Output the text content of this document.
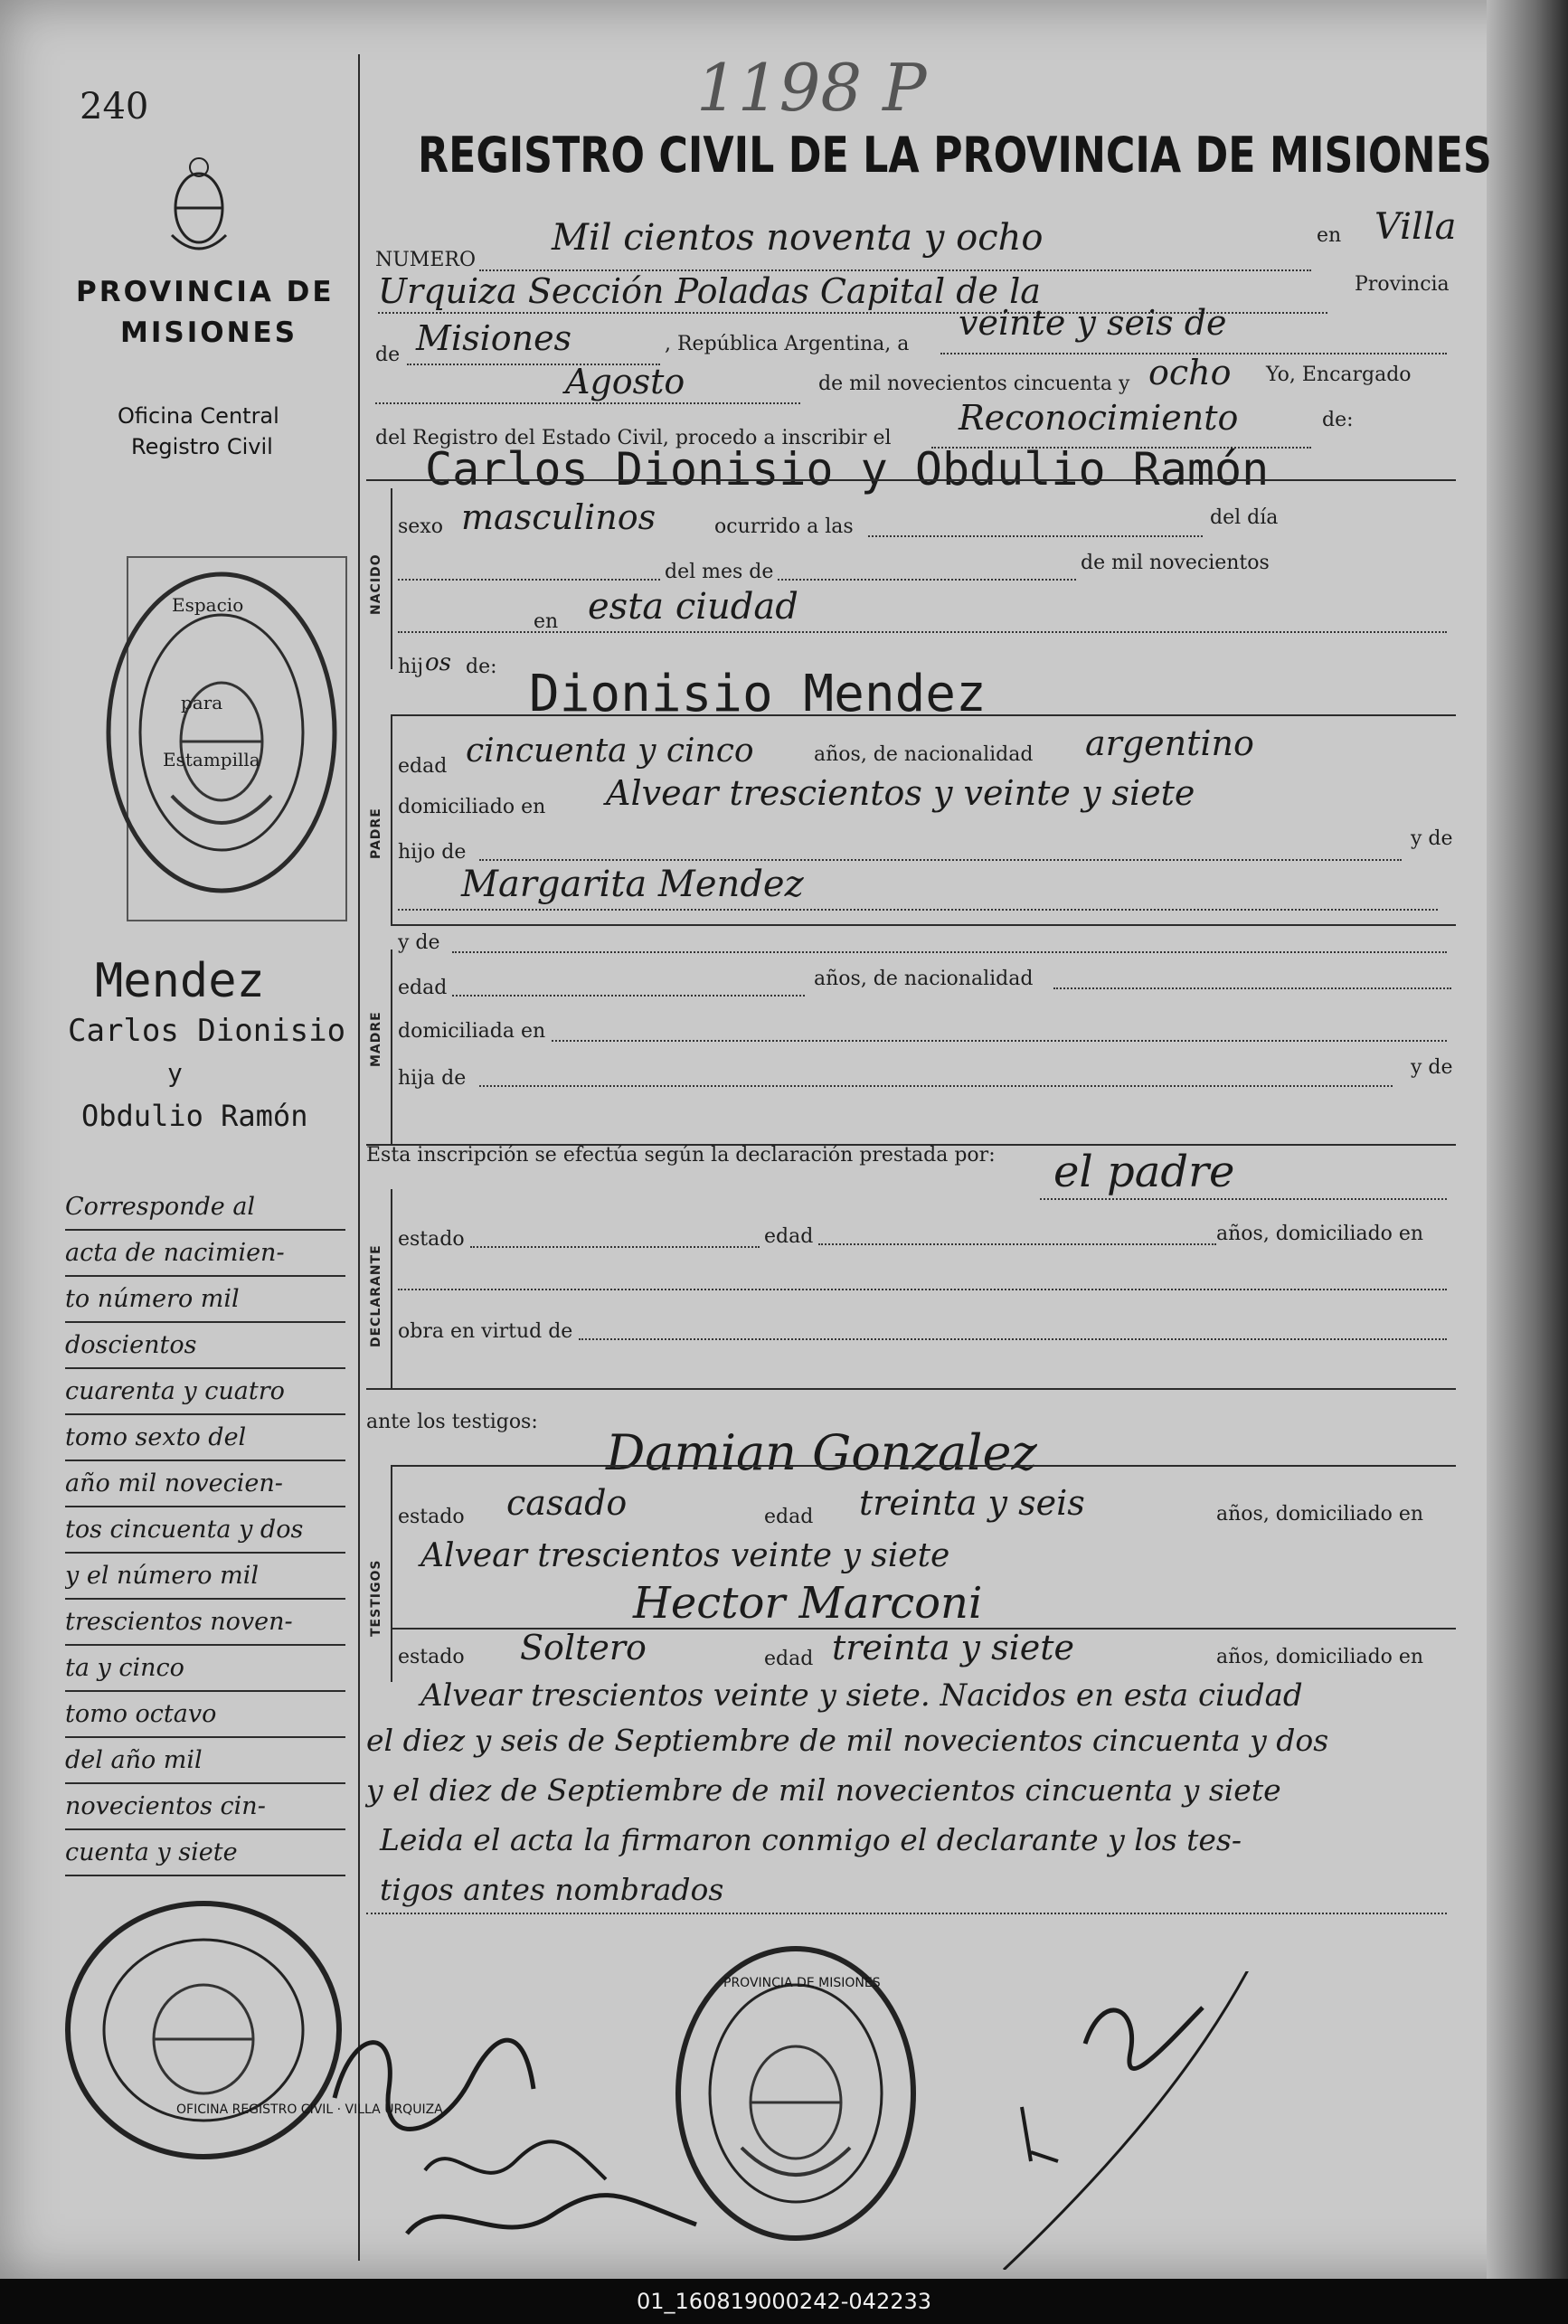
240	1198 P
PROVINCIA DE
MISIONES
Oficina Central
Registro Civil
Espacio
para
Estampilla
Mendez
Carlos Dionisio
y
Obdulio Ramón
Corresponde al
acta de nacimien-
to número mil
doscientos
cuarenta y cuatro
tomo sexto del
año mil novecien-
tos cincuenta y dos
y el número mil
trescientos noven-
ta y cinco
tomo octavo
del año mil
novecientos cin-
cuenta y siete
REGISTRO CIVIL DE LA PROVINCIA DE MISIONES
NUMERO
Mil cientos noventa y ocho	en Villa
Urquiza Sección Poladas Capital de la	Provincia
de Misiones	, República Argentina, a
veinte y seis de
Agosto	de mil novecientos cincuenta y ocho Yo, Encargado
del Registro del Estado Civil, procedo a inscribir el
Reconocimiento	de:
Carlos Dionisio y Obdulio Ramón
NACIDO
sexo masculinos	ocurrido a las	del día
del mes de	de mil novecientos
en esta ciudad
hij os de: Dionisio Mendez
PADRE
edad cincuenta y cinco	años, de nacionalidad argentino
domiciliado en Alvear trescientos y veinte y siete
hijo de
y de
Margarita Mendez
y de
MADRE
edad	años, de nacionalidad
domiciliada en
hija de	y de
Esta inscripción se efectúa según la declaración prestada por: el padre
DECLARANTE
estado	edad	años, domiciliado en
obra en virtud de
ante los testigos:
Damian Gonzalez
TESTIGOS
estado casado	edad treinta y seis	años, domiciliado en
Alvear trescientos veinte y siete
Hector Marconi
estado Soltero	edad treinta y siete	años, domiciliado en
Alvear trescientos veinte y siete. Nacidos en esta ciudad
el diez y seis de Septiembre de mil novecientos cincuenta y dos
y el diez de Septiembre de mil novecientos cincuenta y siete
Leida el acta la firmaron conmigo el declarante y los tes-
tigos antes nombrados
OFICINA REGISTRO CIVIL · VILLA URQUIZA
PROVINCIA DE MISIONES
01_160819000242-042233
